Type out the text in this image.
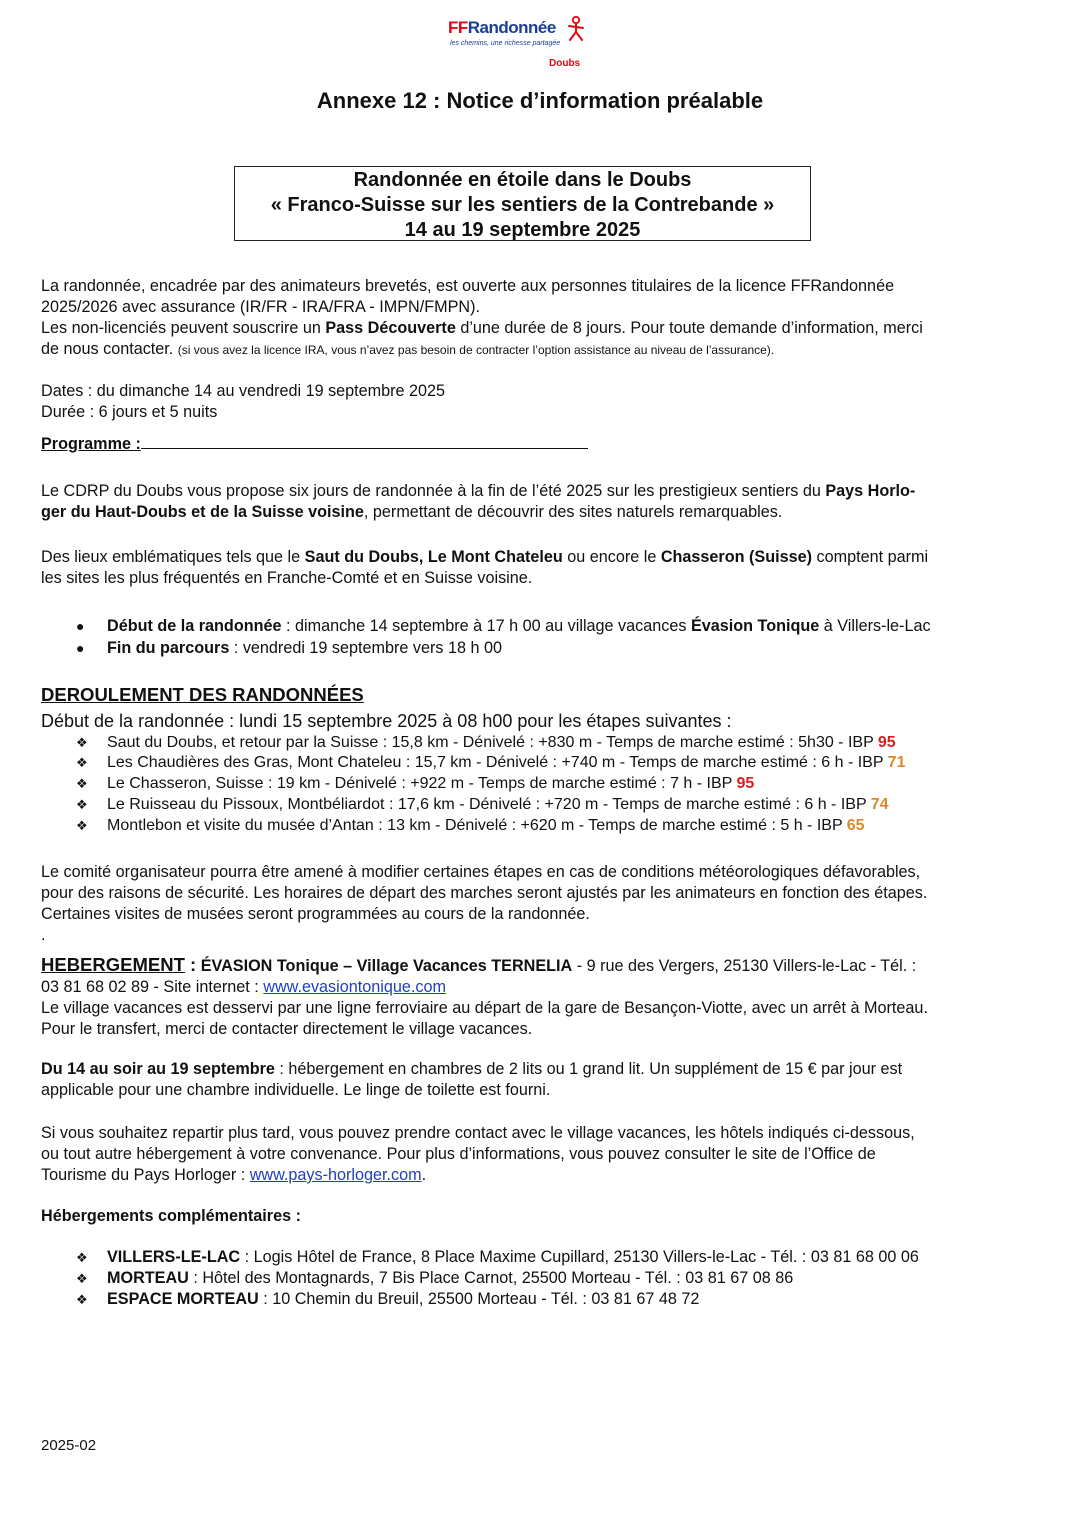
FFRandonnée
les chemins, une richesse partagée
Doubs
Annexe 12 : Notice d’information préalable
Randonnée en étoile dans le Doubs
« Franco-Suisse sur les sentiers de la Contrebande »
14 au 19 septembre 2025
La randonnée, encadrée par des animateurs brevetés, est ouverte aux personnes titulaires de la licence FFRandonnée
2025/2026 avec assurance (IR/FR - IRA/FRA - IMPN/FMPN).
Les non-licenciés peuvent souscrire un Pass Découverte d’une durée de 8 jours. Pour toute demande d’information, merci
de nous contacter. (si vous avez la licence IRA, vous n’avez pas besoin de contracter l’option assistance au niveau de l’assurance).
Dates : du dimanche 14 au vendredi 19 septembre 2025
Durée : 6 jours et 5 nuits
Programme :
Le CDRP du Doubs vous propose six jours de randonnée à la fin de l’été 2025 sur les prestigieux sentiers du Pays Horlo-
ger du Haut-Doubs et de la Suisse voisine, permettant de découvrir des sites naturels remarquables.
Des lieux emblématiques tels que le Saut du Doubs, Le Mont Chateleu ou encore le Chasseron (Suisse) comptent parmi
les sites les plus fréquentés en Franche-Comté et en Suisse voisine.
● Début de la randonnée : dimanche 14 septembre à 17 h 00 au village vacances Évasion Tonique à Villers-le-Lac
● Fin du parcours : vendredi 19 septembre vers 18 h 00
DEROULEMENT DES RANDONNÉES
Début de la randonnée : lundi 15 septembre 2025 à 08 h00 pour les étapes suivantes :
❖ Saut du Doubs, et retour par la Suisse : 15,8 km - Dénivelé : +830 m - Temps de marche estimé : 5h30 - IBP 95
❖ Les Chaudières des Gras, Mont Chateleu : 15,7 km - Dénivelé : +740 m - Temps de marche estimé : 6 h - IBP 71
❖ Le Chasseron, Suisse : 19 km - Dénivelé : +922 m - Temps de marche estimé : 7 h - IBP 95
❖ Le Ruisseau du Pissoux, Montbéliardot : 17,6 km - Dénivelé : +720 m - Temps de marche estimé : 6 h - IBP 74
❖ Montlebon et visite du musée d’Antan : 13 km - Dénivelé : +620 m - Temps de marche estimé : 5 h - IBP 65
Le comité organisateur pourra être amené à modifier certaines étapes en cas de conditions météorologiques défavorables,
pour des raisons de sécurité. Les horaires de départ des marches seront ajustés par les animateurs en fonction des étapes.
Certaines visites de musées seront programmées au cours de la randonnée.
.
HEBERGEMENT : ÉVASION Tonique – Village Vacances TERNELIA - 9 rue des Vergers, 25130 Villers-le-Lac - Tél. :
03 81 68 02 89 - Site internet : www.evasiontonique.com
Le village vacances est desservi par une ligne ferroviaire au départ de la gare de Besançon-Viotte, avec un arrêt à Morteau.
Pour le transfert, merci de contacter directement le village vacances.
Du 14 au soir au 19 septembre : hébergement en chambres de 2 lits ou 1 grand lit. Un supplément de 15 € par jour est
applicable pour une chambre individuelle. Le linge de toilette est fourni.
Si vous souhaitez repartir plus tard, vous pouvez prendre contact avec le village vacances, les hôtels indiqués ci-dessous,
ou tout autre hébergement à votre convenance. Pour plus d’informations, vous pouvez consulter le site de l’Office de
Tourisme du Pays Horloger : www.pays-horloger.com.
Hébergements complémentaires :
❖ VILLERS-LE-LAC : Logis Hôtel de France, 8 Place Maxime Cupillard, 25130 Villers-le-Lac - Tél. : 03 81 68 00 06
❖ MORTEAU : Hôtel des Montagnards, 7 Bis Place Carnot, 25500 Morteau - Tél. : 03 81 67 08 86
❖ ESPACE MORTEAU : 10 Chemin du Breuil, 25500 Morteau - Tél. : 03 81 67 48 72
2025-02
